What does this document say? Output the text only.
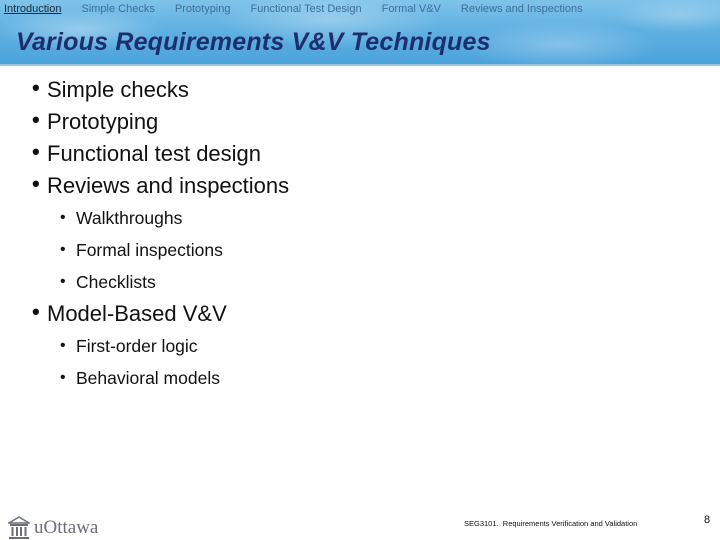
Introduction Simple Checks Prototyping Functional Test Design Formal V&V Reviews and Inspections
Various Requirements V&V Techniques
• Simple checks
• Prototyping
• Functional test design
• Reviews and inspections
• Walkthroughs
• Formal inspections
• Checklists
• Model-Based V&V
• First-order logic
• Behavioral models
uOttawa	SEG3101.  Requirements Verification and Validation	8
